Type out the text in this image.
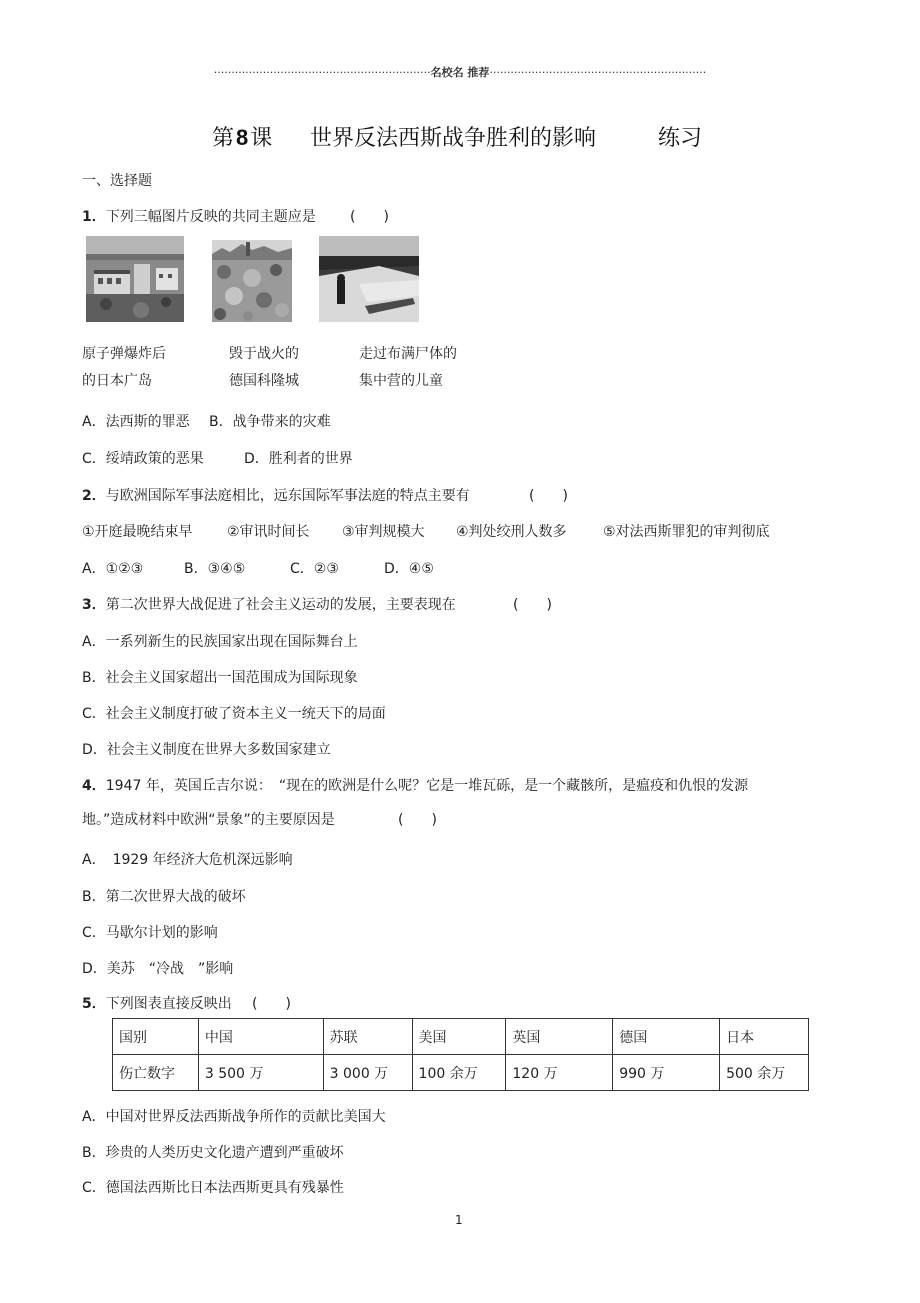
······························································名校名 推荐······························································
第8课 世界反法西斯战争胜利的影响	练习
一、选择题
1．下列三幅图片反映的共同主题应是 (　　)
原子弹爆炸后
的日本广岛
毁于战火的
德国科隆城
走过布满尸体的
集中营的儿童
A．法西斯的罪恶 B．战争带来的灾难
C．绥靖政策的恶果	D．胜利者的世界
2．与欧洲国际军事法庭相比，远东国际军事法庭的特点主要有	(　　)
①开庭最晚结束早 ②审讯时间长 ③审判规模大 ④判处绞刑人数多	⑤对法西斯罪犯的审判彻底
A．①②③	B．③④⑤	C．②③	D．④⑤
3．第二次世界大战促进了社会主义运动的发展，主要表现在	(　　)
A．一系列新生的民族国家出现在国际舞台上
B．社会主义国家超出一国范围成为国际现象
C．社会主义制度打破了资本主义一统天下的局面
D．社会主义制度在世界大多数国家建立
4．1947 年，英国丘吉尔说：　“现在的欧洲是什么呢？它是一堆瓦砾，是一个藏骸所，是瘟疫和仇恨的发源
地。”造成材料中欧洲“景象”的主要原因是	(　　)
A．　1929 年经济大危机深远影响
B．第二次世界大战的破坏
C．马歇尔计划的影响
D．美苏　“冷战　”影响
5．下列图表直接反映出 (　　)
国别	中国	苏联	美国	英国	德国	日本
伤亡数字	3 500 万	3 000 万	100 余万	120 万	990 万	500 余万
A．中国对世界反法西斯战争所作的贡献比美国大
B．珍贵的人类历史文化遗产遭到严重破坏
C．德国法西斯比日本法西斯更具有残暴性
1
